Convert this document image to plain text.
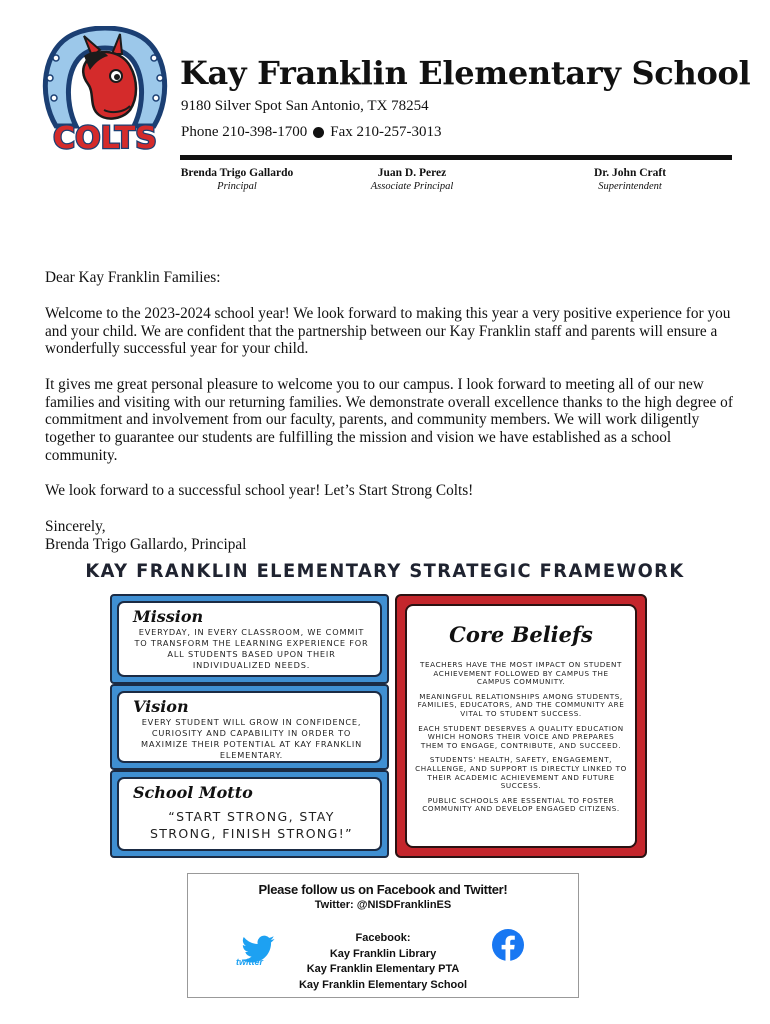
COLTS
Kay Franklin Elementary School
9180 Silver Spot San Antonio, TX 78254
Phone 210-398-1700 Fax 210-257-3013
Brenda Trigo Gallardo
Principal
Juan D. Perez
Associate Principal
Dr. John Craft
Superintendent

Dear Kay Franklin Families:

Welcome to the 2023-2024 school year! We look forward to making this year a very positive experience for you and your child. We are confident that the partnership between our Kay Franklin staff and parents will ensure a wonderfully successful year for your child.

It gives me great personal pleasure to welcome you to our campus. I look forward to meeting all of our new families and visiting with our returning families. We demonstrate overall excellence thanks to the high degree of commitment and involvement from our faculty, parents, and community members. We will work diligently together to guarantee our students are fulfilling the mission and vision we have established as a school community.

We look forward to a successful school year! Let’s Start Strong Colts!

Sincerely,

Brenda Trigo Gallardo, Principal

KAY FRANKLIN ELEMENTARY STRATEGIC FRAMEWORK
Mission
EVERYDAY, IN EVERY CLASSROOM, WE COMMIT TO TRANSFORM THE LEARNING EXPERIENCE FOR ALL STUDENTS BASED UPON THEIR INDIVIDUALIZED NEEDS.
Vision
EVERY STUDENT WILL GROW IN CONFIDENCE, CURIOSITY AND CAPABILITY IN ORDER TO MAXIMIZE THEIR POTENTIAL AT KAY FRANKLIN ELEMENTARY.
School Motto
“START STRONG, STAY STRONG, FINISH STRONG!”
Core Beliefs
TEACHERS HAVE THE MOST IMPACT ON STUDENT ACHIEVEMENT FOLLOWED BY CAMPUS THE CAMPUS COMMUNITY.
MEANINGFUL RELATIONSHIPS AMONG STUDENTS, FAMILIES, EDUCATORS, AND THE COMMUNITY ARE VITAL TO STUDENT SUCCESS.
EACH STUDENT DESERVES A QUALITY EDUCATION WHICH HONORS THEIR VOICE AND PREPARES THEM TO ENGAGE, CONTRIBUTE, AND SUCCEED.
STUDENTS' HEALTH, SAFETY, ENGAGEMENT, CHALLENGE, AND SUPPORT IS DIRECTLY LINKED TO THEIR ACADEMIC ACHIEVEMENT AND FUTURE SUCCESS.
PUBLIC SCHOOLS ARE ESSENTIAL TO FOSTER COMMUNITY AND DEVELOP ENGAGED CITIZENS.
Please follow us on Facebook and Twitter!
Twitter: @NISDFranklinES
twitter
Facebook:
Kay Franklin Library
Kay Franklin Elementary PTA
Kay Franklin Elementary School
